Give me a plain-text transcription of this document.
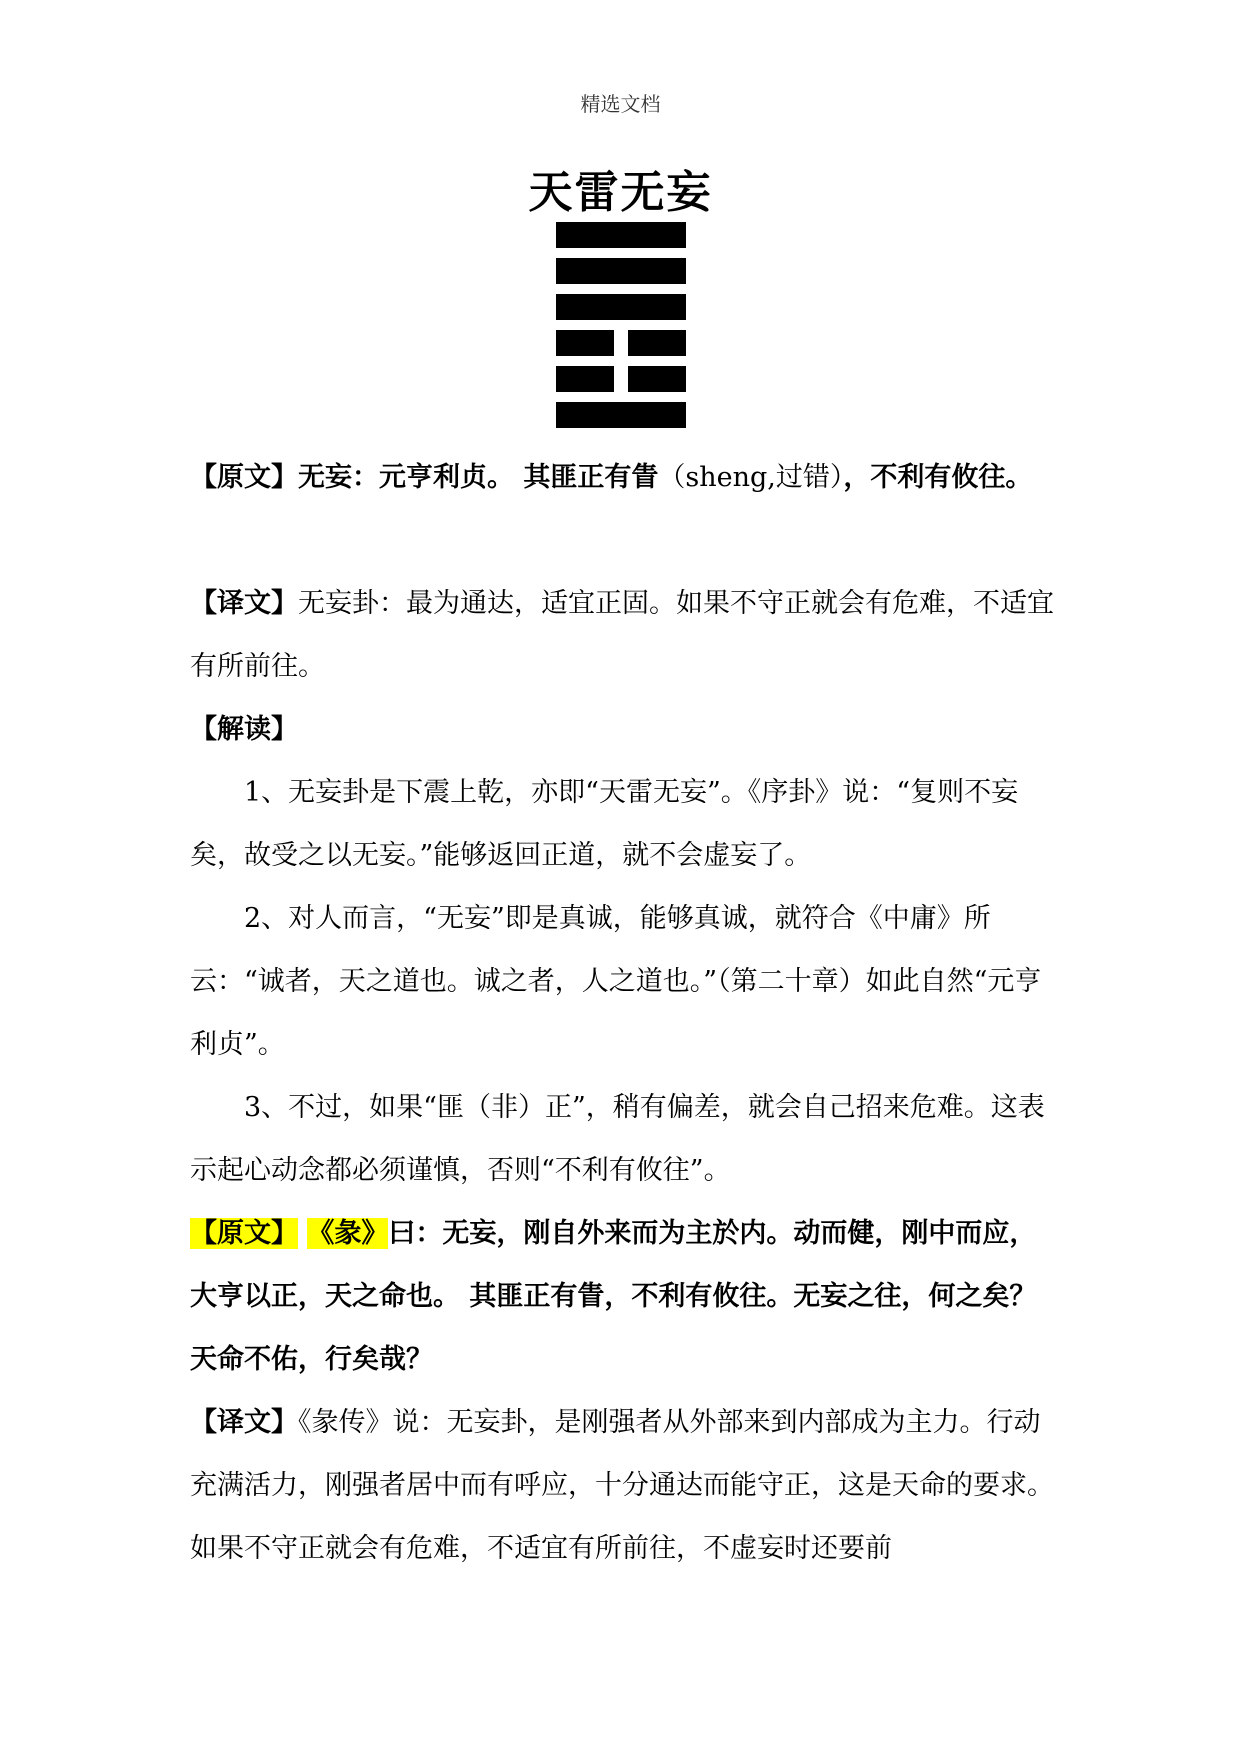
精选文档
天雷无妄
【原文】无妄：元亨利贞。 其匪正有眚（sheng,过错），不利有攸往。
【译文】无妄卦：最为通达，适宜正固。如果不守正就会有危难，不适宜有所前往。
【解读】
1、无妄卦是下震上乾，亦即“天雷无妄”。《序卦》说：“复则不妄矣，故受之以无妄。”能够返回正道，就不会虚妄了。
2、对人而言，“无妄”即是真诚，能够真诚，就符合《中庸》所云：“诚者，天之道也。诚之者，人之道也。”（第二十章）如此自然“元亨利贞”。
3、不过，如果“匪（非）正”，稍有偏差，就会自己招来危难。这表示起心动念都必须谨慎，否则“不利有攸往”。
【原文】 《彖》曰：无妄，刚自外来而为主於内。动而健，刚中而应，大亨以正，天之命也。 其匪正有眚，不利有攸往。无妄之往，何之矣？ 天命不佑，行矣哉？
【译文】《彖传》说：无妄卦，是刚强者从外部来到内部成为主力。行动充满活力，刚强者居中而有呼应，十分通达而能守正，这是天命的要求。如果不守正就会有危难，不适宜有所前往，不虚妄时还要前
